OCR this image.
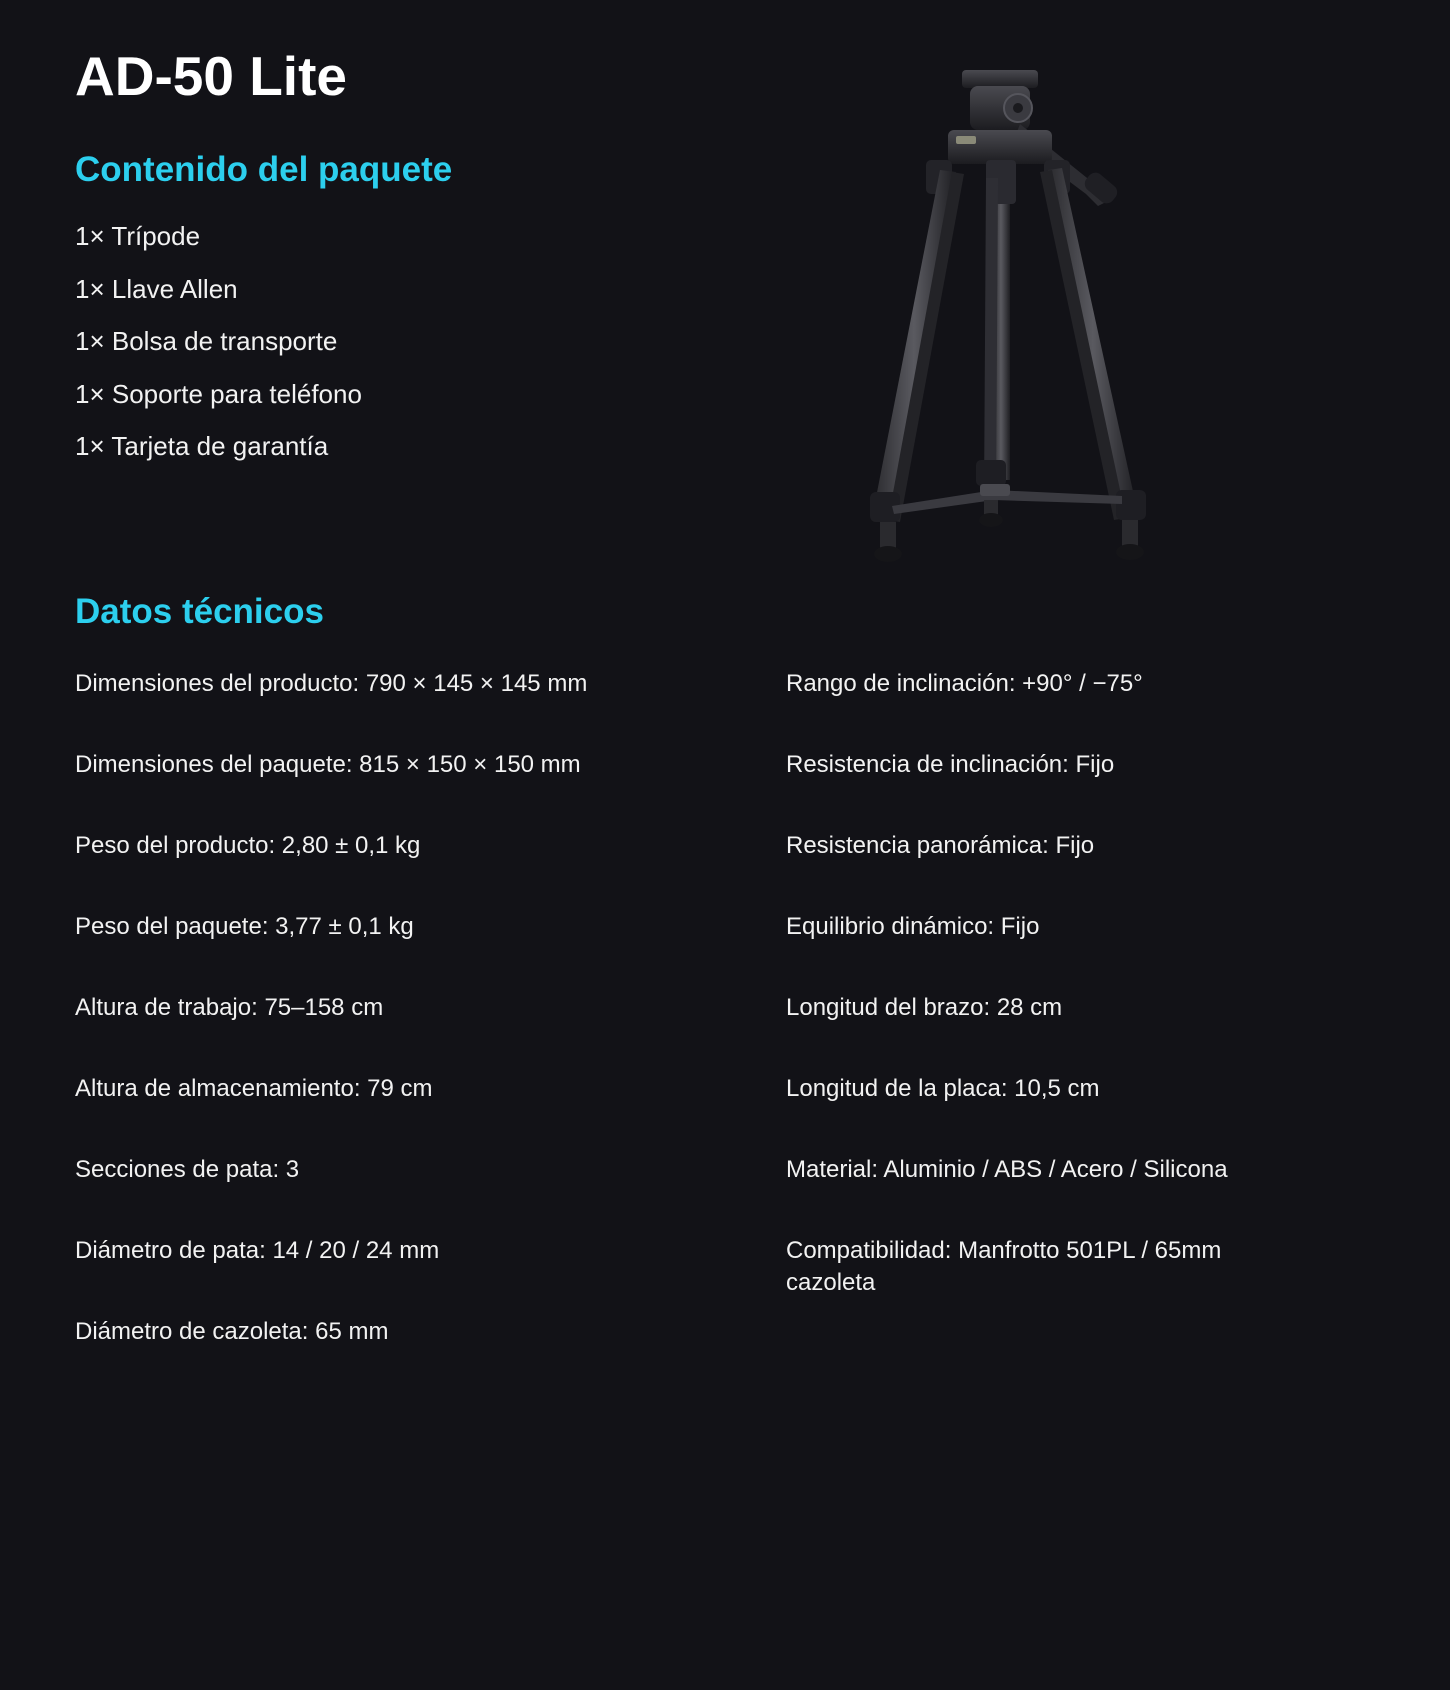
AD-50 Lite
Contenido del paquete
1× Trípode
1× Llave Allen
1× Bolsa de transporte
1× Soporte para teléfono
1× Tarjeta de garantía
Datos técnicos
Dimensiones del producto: 790 × 145 × 145 mm
Dimensiones del paquete: 815 × 150 × 150 mm
Peso del producto: 2,80 ± 0,1 kg
Peso del paquete: 3,77 ± 0,1 kg
Altura de trabajo: 75–158 cm
Altura de almacenamiento: 79 cm
Secciones de pata: 3
Diámetro de pata: 14 / 20 / 24 mm
Diámetro de cazoleta: 65 mm
Rango de inclinación: +90° / −75°
Resistencia de inclinación: Fijo
Resistencia panorámica: Fijo
Equilibrio dinámico: Fijo
Longitud del brazo: 28 cm
Longitud de la placa: 10,5 cm
Material: Aluminio / ABS / Acero / Silicona
Compatibilidad: Manfrotto 501PL / 65mm cazoleta
